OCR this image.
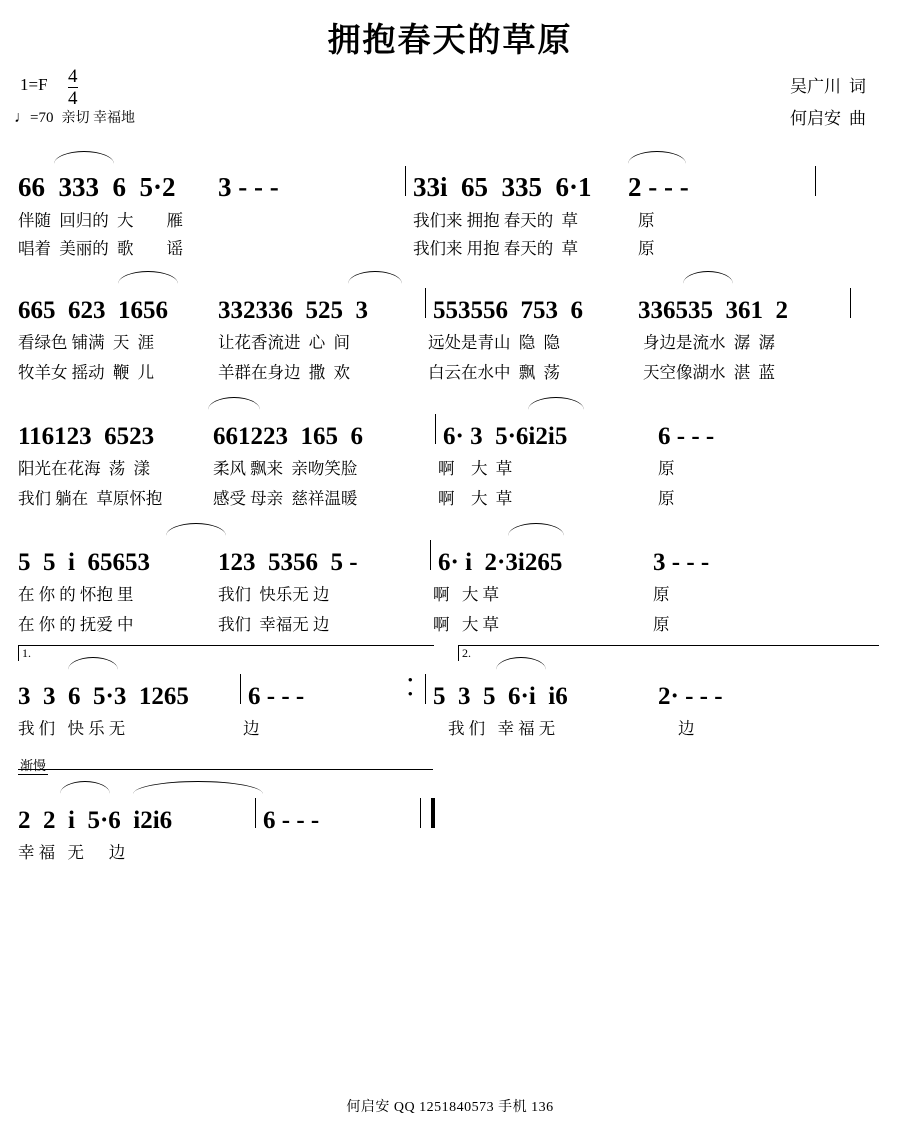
拥抱春天的草原
$1=F \frac{4}{4}$
♩=70 亲切 幸福地
吴广川 词
何启安 曲
66  333  6  5·2	3 - - -	33i  65  335  6·1	2 - - -
伴随  回归的  大        雁	我们来 拥抱 春天的  草	原
唱着  美丽的  歌        谣	我们来 用抱 春天的  草	原
665  623  1656	332336  525  3	553556  753  6	336535  361  2
看绿色 铺满  天  涯	让花香流进  心  间	远处是青山  隐  隐	身边是流水  潺  潺
牧羊女 摇动  鞭  儿	羊群在身边  撒  欢	白云在水中  飘  荡	天空像湖水  湛  蓝
116123  6523	661223  165  6	6· 3  5·6i2i5	6 - - -
阳光在花海  荡  漾	柔风 飘来  亲吻笑脸	啊    大  草	原
我们 躺在  草原怀抱	感受 母亲  慈祥温暖	啊    大  草	原
5  5  i  65653	123  5356  5 -	6· i  2·3i265	3 - - -
在 你 的 怀抱 里	我们  快乐无 边	啊   大 草	原
在 你 的 抚爱 中	我们  幸福无 边	啊   大 草	原
1.	2.
3  3  6  5·3  1265	6 - - - •  •	5  3  5  6·i  i6	2· - - -
我 们   快 乐 无	边	我 们   幸 福 无	边
渐慢
2  2  i  5·6  i2i6	6 - - -
幸 福   无      边
何启安 QQ 1251840573 手机 136
